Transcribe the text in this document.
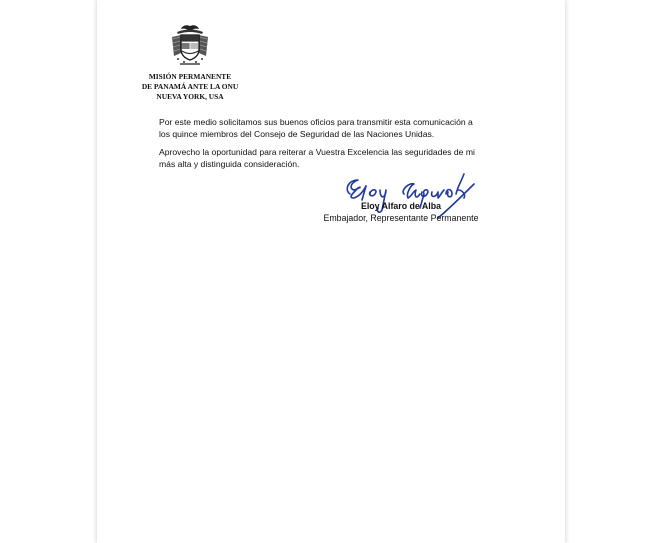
MISIÓN PERMANENTE
DE PANAMÁ ANTE LA ONU
NUEVA YORK, USA
Por este medio solicitamos sus buenos oficios para transmitir esta comunicación a
los quince miembros del Consejo de Seguridad de las Naciones Unidas.
Aprovecho la oportunidad para reiterar a Vuestra Excelencia las seguridades de mi
más alta y distinguida consideración.
Eloy Alfaro de Alba
Embajador, Representante Permanente
